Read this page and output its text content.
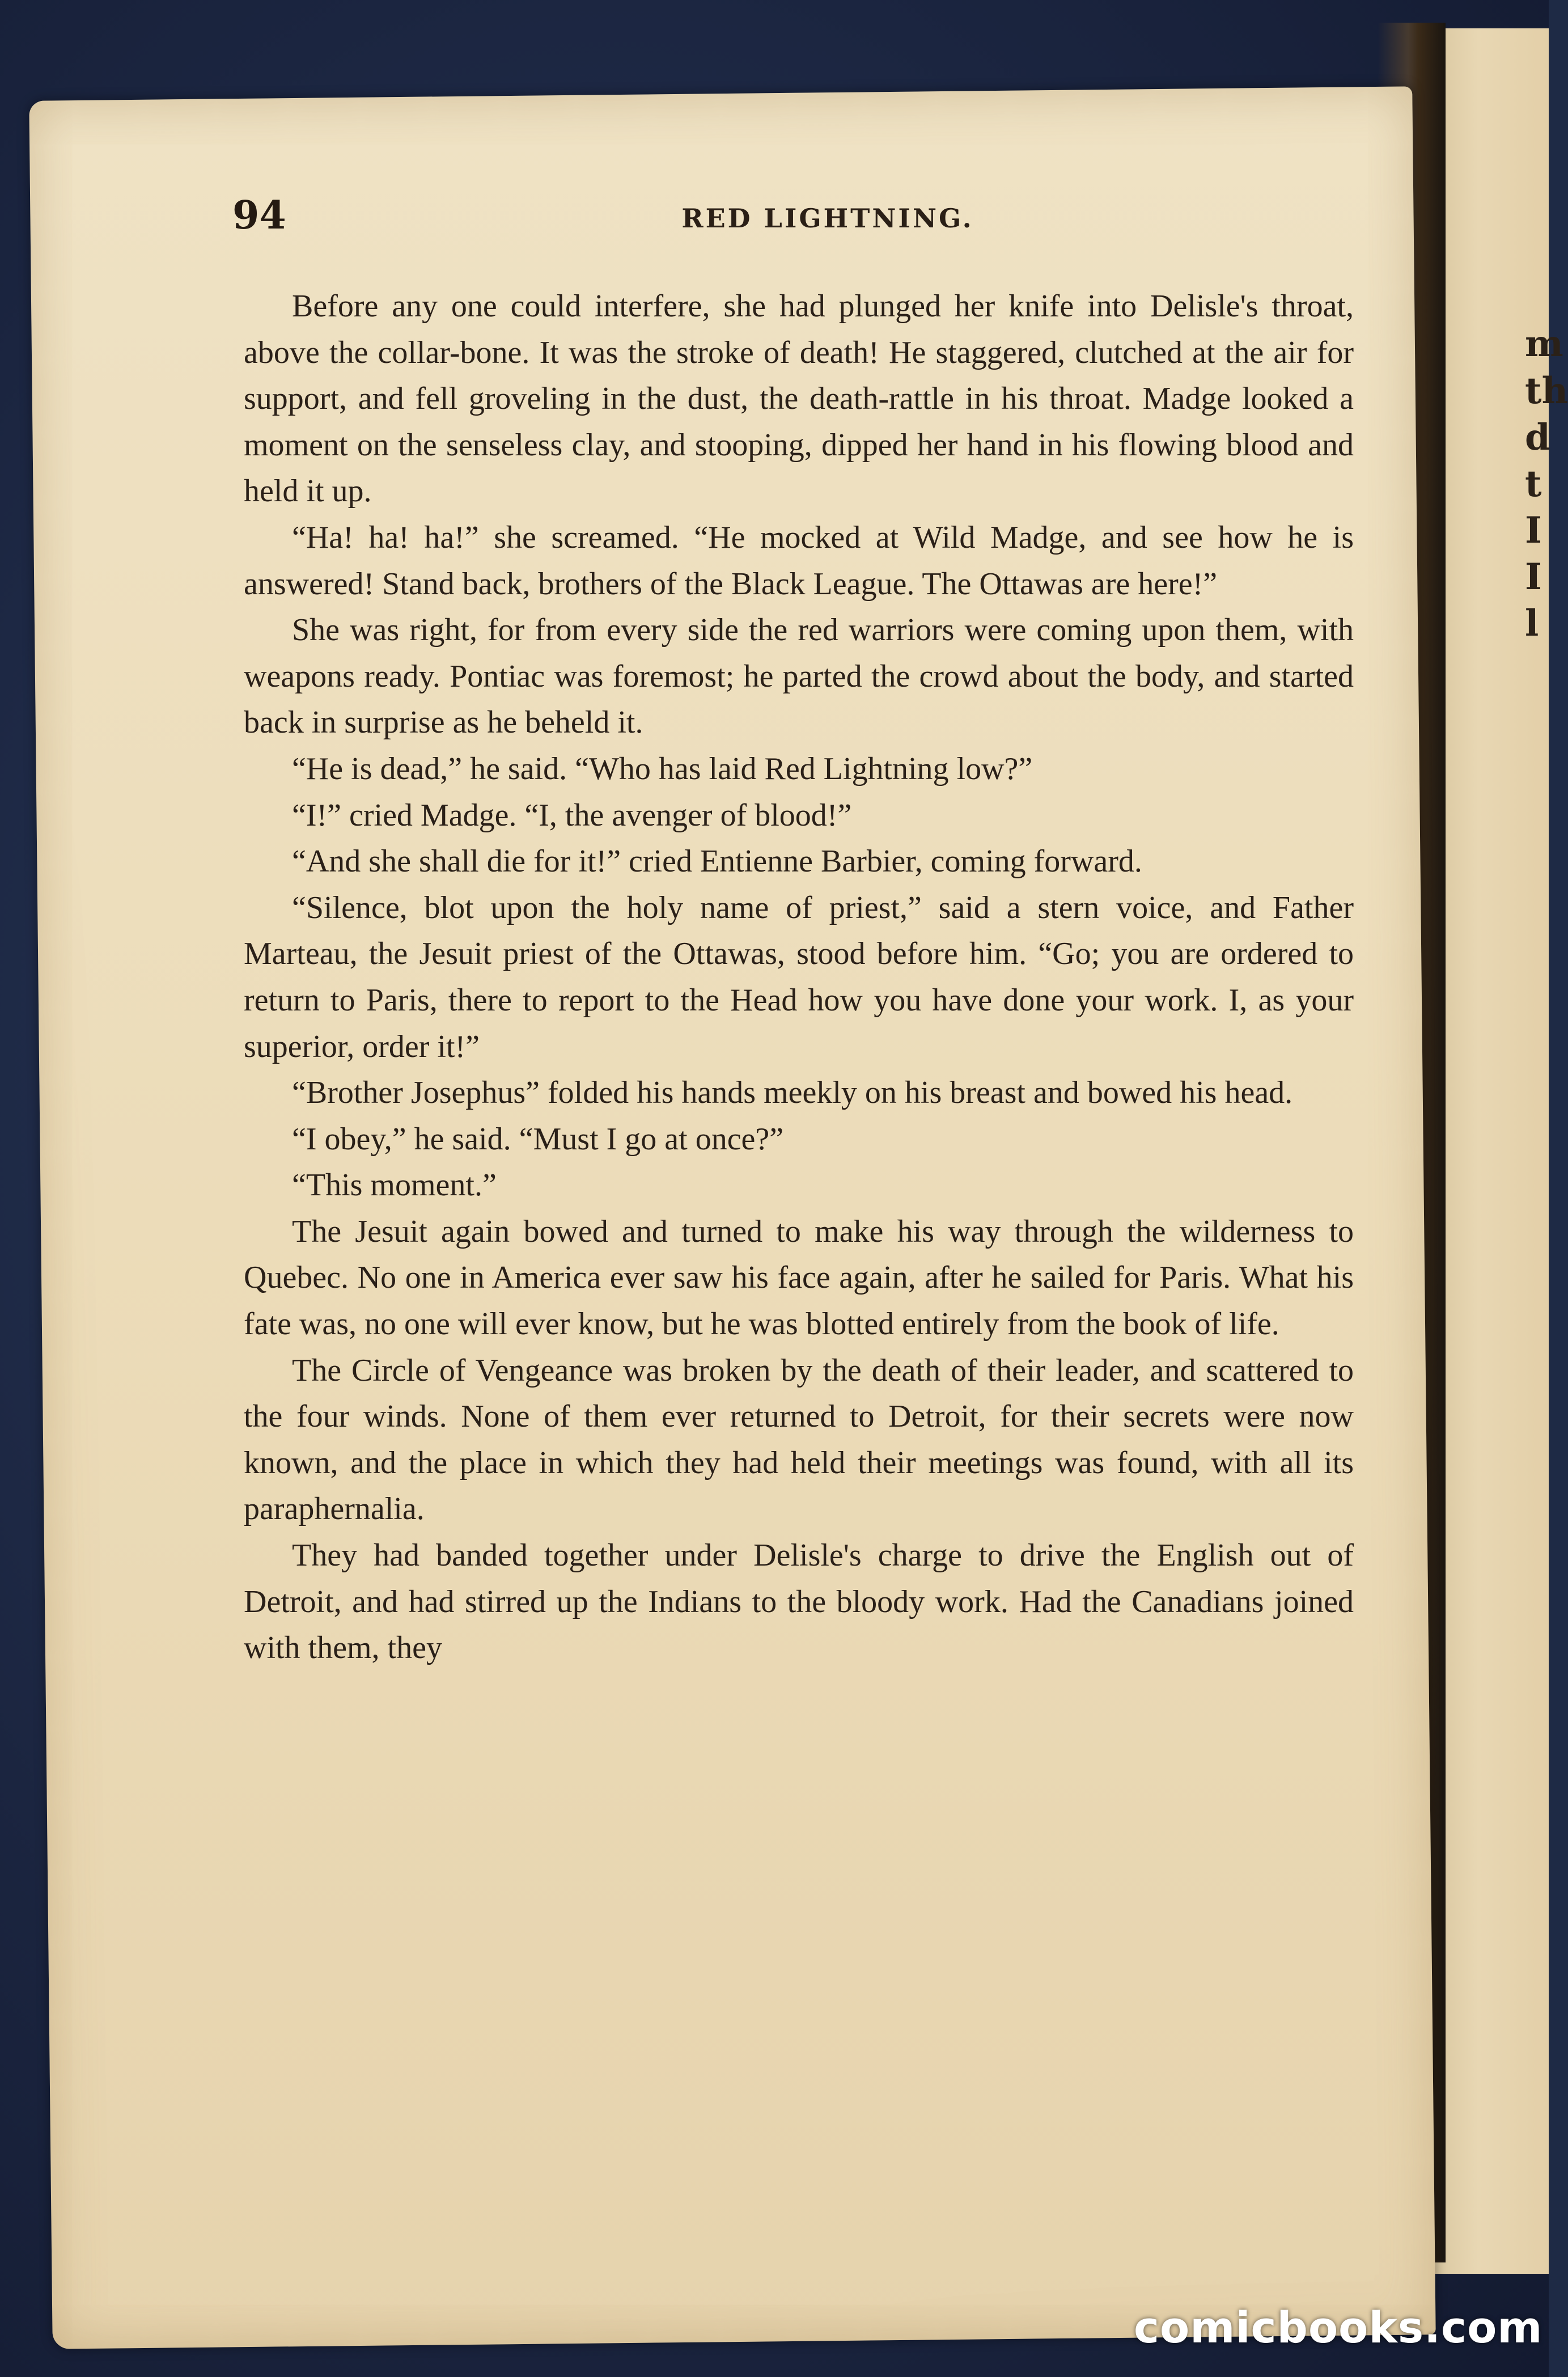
m
th
d
t
I
I
l
94	RED LIGHTNING.

Before any one could interfere, she had plunged her knife into Delisle's throat, above the collar-bone. It was the stroke of death! He staggered, clutched at the air for support, and fell groveling in the dust, the death-rattle in his throat. Madge looked a moment on the senseless clay, and stooping, dipped her hand in his flowing blood and held it up.

“Ha! ha! ha!” she screamed. “He mocked at Wild Madge, and see how he is answered! Stand back, brothers of the Black League. The Ottawas are here!”

She was right, for from every side the red warriors were coming upon them, with weapons ready. Pontiac was foremost; he parted the crowd about the body, and started back in surprise as he beheld it.

“He is dead,” he said. “Who has laid Red Lightning low?”

“I!” cried Madge. “I, the avenger of blood!”

“And she shall die for it!” cried Entienne Barbier, coming forward.

“Silence, blot upon the holy name of priest,” said a stern voice, and Father Marteau, the Jesuit priest of the Ottawas, stood before him. “Go; you are ordered to return to Paris, there to report to the Head how you have done your work. I, as your superior, order it!”

“Brother Josephus” folded his hands meekly on his breast and bowed his head.

“I obey,” he said. “Must I go at once?”

“This moment.”

The Jesuit again bowed and turned to make his way through the wilderness to Quebec. No one in America ever saw his face again, after he sailed for Paris. What his fate was, no one will ever know, but he was blotted entirely from the book of life.

The Circle of Vengeance was broken by the death of their leader, and scattered to the four winds. None of them ever returned to Detroit, for their secrets were now known, and the place in which they had held their meetings was found, with all its paraphernalia.

They had banded together under Delisle's charge to drive the English out of Detroit, and had stirred up the Indians to the bloody work. Had the Canadians joined with them, they

comicbooks.com
